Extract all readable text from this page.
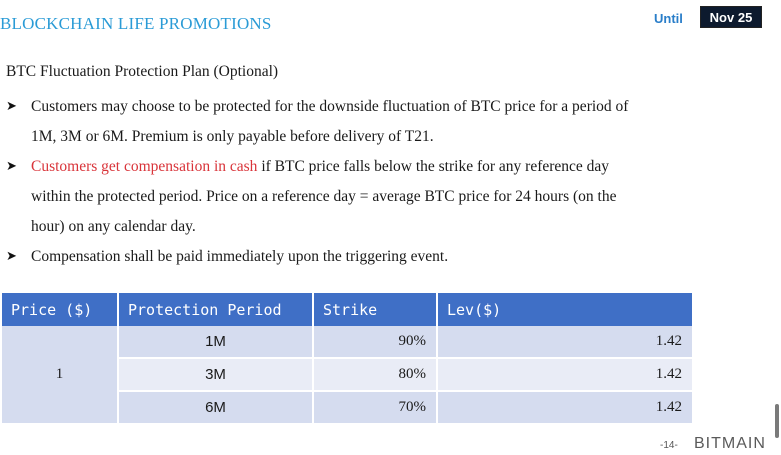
BLOCKCHAIN LIFE PROMOTIONS	Until	Nov 25
BTC Fluctuation Protection Plan (Optional)
➤ Customers may choose to be protected for the downside fluctuation of BTC price for a period of
1M, 3M or 6M. Premium is only payable before delivery of T21.
➤ Customers get compensation in cash if BTC price falls below the strike for any reference day
within the protected period. Price on a reference day = average BTC price for 24 hours (on the
hour) on any calendar day.
➤ Compensation shall be paid immediately upon the triggering event.
Price ($)	Protection Period	Strike	Lev($)
1	1M	90%	1.42
	3M	80%	1.42
	6M	70%	1.42
-14- BITMAIN
